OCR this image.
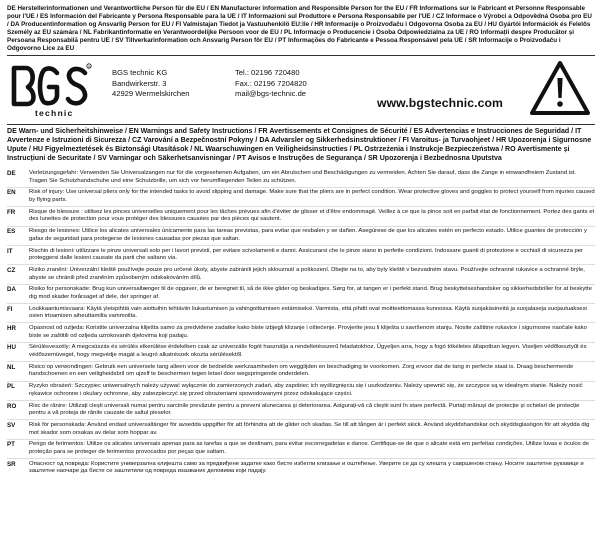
DE Herstellerinformationen und Verantwortliche Person für die EU / EN Manufacturer information and Responsible Person for the EU / FR Informations sur le Fabricant et Personne Responsable pour l'UE / ES Información del Fabricante y Persona Responsable para la UE / IT Informazioni sul Produttore e Persona Responsabile per l'UE / CZ Informace o Výrobci a Odpovědná Osoba pro EU / DA Producentinformation og Ansvarlig Person for EU / FI Valmistajan Tiedot ja Vastuuhenkilö EU:lle / HR Informacije o Proizvođaču i Odgovorna Osoba za EU / HU Gyártói Információk és Felelős Személy az EU számára / NL Fabrikantinformatie en Verantwoordelijke Persoon voor de EU / PL Informacje o Producencie i Osoba Odpowiedzialna za UE / RO Informații despre Producător și Persoana Responsabilă pentru UE / SV Tillverkarinformation och Ansvarig Person för EU / PT Informações do Fabricante e Pessoa Responsável pela UE / SR Informacije o Proizvođaču i Odgovorno Lice za EU
R
technic
BGS technic KG
Bandwirkerstr. 3
42929 Wermelskirchen
Tel.: 02196 720480
Fax.: 02196 7204820
mail@bgs-technic.de
www.bgstechnic.com
DE Warn- und Sicherheitshinweise / EN Warnings and Safety Instructions / FR Avertissements et Consignes de Sécurité / ES Advertencias e Instrucciones de Seguridad / IT Avvertenze e Istruzioni di Sicurezza / CZ Varování a Bezpečnostní Pokyny / DA Advarsler og Sikkerhedsinstruktioner / FI Varoitus- ja Turvaohjeet / HR Upozorenja i Sigurnosne Upute / HU Figyelmeztetések és Biztonsági Utasítások / NL Waarschuwingen en Veiligheidsinstructies / PL Ostrzeżenia i Instrukcje Bezpieczeństwa / RO Avertismente și Instrucțiuni de Securitate / SV Varningar och Säkerhetsanvisningar / PT Avisos e Instruções de Segurança / SR Upozorenja i Bezbednosna Uputstva
DE	Verletzungsgefahr: Verwenden Sie Universalzangen nur für die vorgesehenen Aufgaben, um ein Abrutschen und Beschädigungen zu vermeiden. Achten Sie darauf, dass die Zange in einwandfreiem Zustand ist. Tragen Sie Schutzhandschuhe und eine Schutzbrille, um sich vor herumfliegenden Teilen zu schützen.
EN	Risk of injury: Use universal pliers only for the intended tasks to avoid slipping and damage. Make sure that the pliers are in perfect condition. Wear protective gloves and goggles to protect yourself from injuries caused by flying parts.
FR	Risque de blessure : utilisez les pinces universelles uniquement pour les tâches prévues afin d'éviter de glisser et d'être endommagé. Veillez à ce que la pince soit en parfait état de fonctionnement. Portez des gants et des lunettes de protection pour vous protéger des blessures causées par des pièces qui sautent.
ES	Riesgo de lesiones: Utilice los alicates universales únicamente para las tareas previstas, para evitar que resbalen y se dañen. Asegúrese de que los alicates estén en perfecto estado. Utilice guantes de protección y gafas de seguridad para protegerse de lesiones causadas por piezas que saltan.
IT	Rischio di lesioni: utilizzare le pinze universali solo per i lavori previsti, per evitare scivolamenti e danni. Assicurarsi che le pinze siano in perfette condizioni. Indossare guanti di protezione e occhiali di sicurezza per proteggersi dalle lesioni causate da parti che saltano via.
CZ	Riziko zranění: Univerzální kleště používejte pouze pro určené úkoly, abyste zabránili jejich sklouznutí a poškození. Dbejte na to, aby byly kleště v bezvadném stavu. Používejte ochranné rukavice a ochranné brýle, abyste se chránili před zraněním způsobeným odskakováním dílů.
DA	Risiko for personskade: Brug kun universaltænger til de opgaver, de er beregnet til, så de ikke glider og beskadiges. Sørg for, at tangen er i perfekt stand. Brug beskyttelseshandsker og sikkerhedsbriller for at beskytte dig mod skader forårsaget af dele, der springer af.
FI	Loukkaantumisvaara: Käytä yleispihtiä vain aiottuihin tehtäviin liukastumisen ja vahingoittumisen estämiseksi. Varmista, että pihdit ovat moitteettomassa kunnossa. Käytä suojakäsineitä ja suojalaseja suojautuaksesi osien irtoamisen aiheuttamilta vammoilta.
HR	Opasnost od ozljeda: Koristite univerzalna kliješta samo za predviđene zadatke kako biste izbjegli klizanje i oštećenje. Provjerite jesu li kliješta u savršenom stanju. Nosite zaštitne rukavice i sigurnosne naočale kako biste se zaštitili od ozljeda uzrokovanih djelovima koji padaju.
HU	Sérülésveszély: A megcsúszás és sérülés elkerülése érdekében csak az univerzális fogót használja a rendeltetésszerű feladatokhoz. Ügyeljen arra, hogy a fogó tökéletes állapotban legyen. Viseljen védőkesztyűt és védőszemüveget, hogy megvédje magát a leugró alkatrészek okozta sérülésektől.
NL	Risico op verwondingen: Gebruik een universele tang alleen voor de bedoelde werkzaamheden om wegglijden en beschadiging te voorkomen. Zorg ervoor dat de tang in perfecte staat is. Draag beschermende handschoenen en een veiligheidsbril om ujzelf te beschermen tegen letsel door wegspringende onderdelen.
PL	Ryzyko obrażeń: Szczypiec uniwersalnych należy używać wyłącznie do zamierzonych zadań, aby zapobiec ich wyślizgnięciu się i uszkodzeniu. Należy upewnić się, że szczypce są w idealnym stanie. Należy nosić rękawice ochronne i okulary ochronne, aby zabezpieczyć się przed obrażeniami spowodowanymi przez odskakujące części.
RO	Risc de rănire: Utilizați clești universali numai pentru sarcinile prevăzute pentru a preveni alunecarea și deteriorarea. Asigurați-vă că cleștii sunt în stare perfectă. Purtați mănuși de protecție și ochelari de protecție pentru a vă proteja de rănile cauzate de saltul pieselor.
SV	Risk för personskada: Använd endast universaltänger för avsedda uppgifter för att förhindra att de glider och skadas. Se till att tången är i perfekt skick. Använd skyddshandskar och skyddsglasögon för att skydda dig mot skador som orsakas av delar som hoppar av.
PT	Perigo de ferimentos: Utilize os alicates universais apenas para as tarefas a que se destinam, para evitar escorregadelas e danos. Certifique-se de que o alicate está em perfeitas condições. Utilize luvas e óculos de proteção para se proteger de ferimentos provocados por peças que saltam.
SR	Опасност од повреда: Користите универзална клијешта само за предвиђене задатке како бисте избегли клизање и оштећење. Уверите се да су клешта у савршеном стању. Носите заштитне рукавице и заштитне наочаре да бисте се заштитили од повреда изазваних деловима који падају.
